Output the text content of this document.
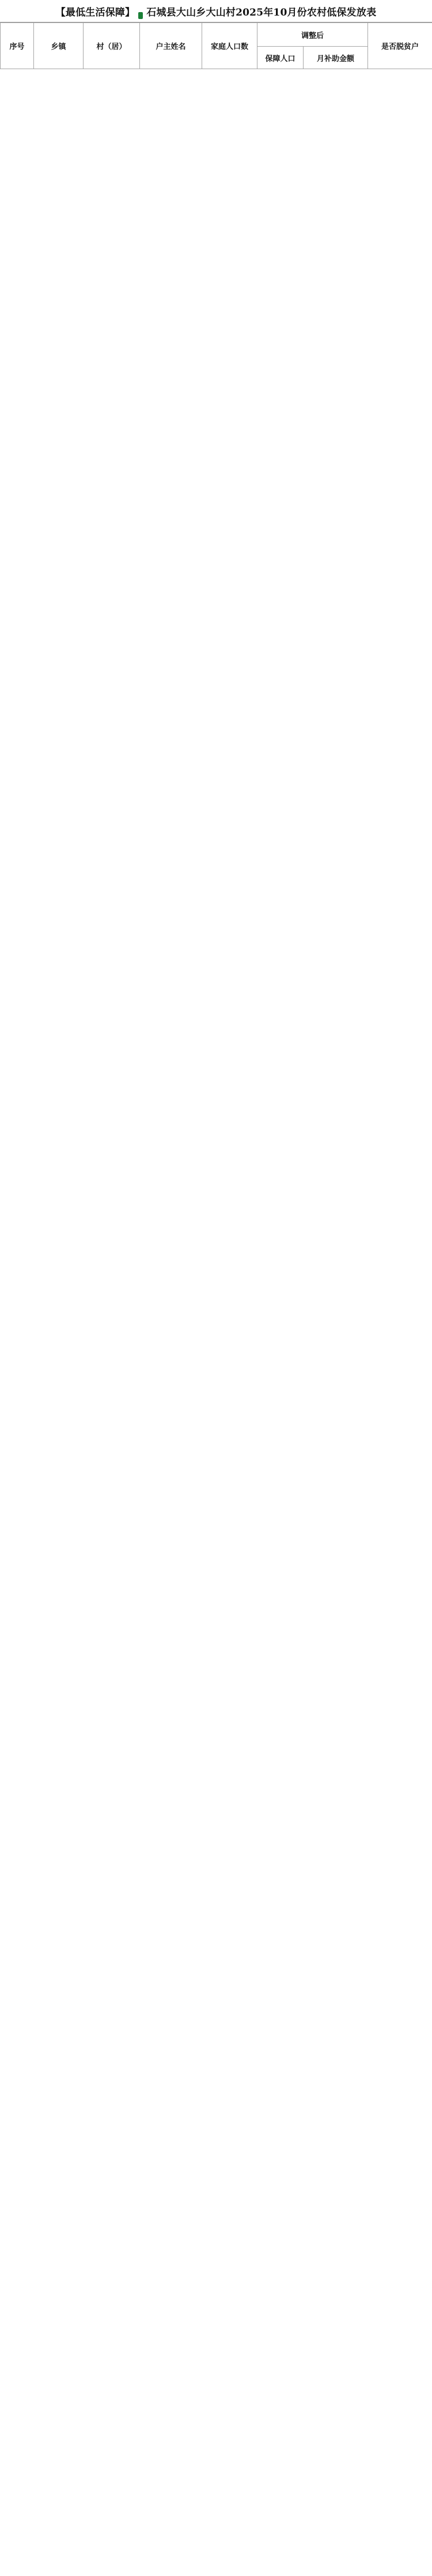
【最低生活保障】 石城县大山乡大山村2025年10月份农村低保发放表
序号	乡镇	村（居）	户主姓名	家庭人口数	调整后		是否脱贫户
					保障人口	月补助金额	
